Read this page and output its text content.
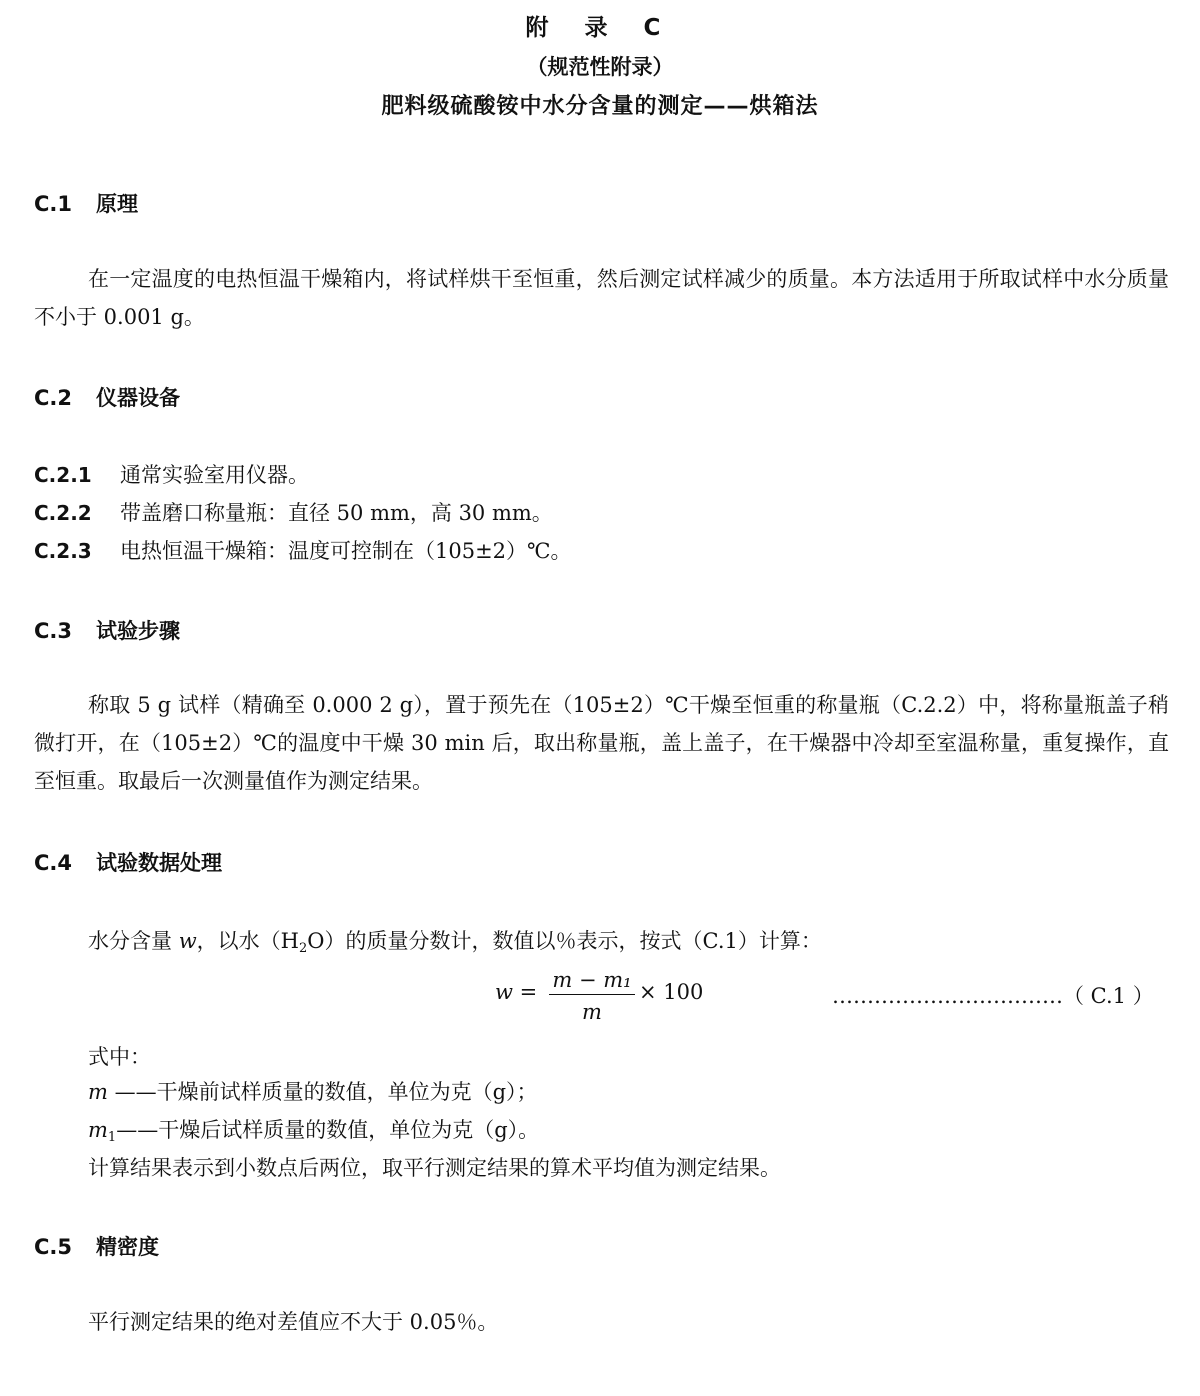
附 录 C
（规范性附录）
肥料级硫酸铵中水分含量的测定——烘箱法
C.1 原理
在一定温度的电热恒温干燥箱内，将试样烘干至恒重，然后测定试样减少的质量。本方法适用于所取试样中水分质量不小于 0.001 g。
C.2 仪器设备
C.2.1 通常实验室用仪器。
C.2.2 带盖磨口称量瓶：直径 50 mm，高 30 mm。
C.2.3 电热恒温干燥箱：温度可控制在（105±2）℃。
C.3 试验步骤
称取 5 g 试样（精确至 0.000 2 g），置于预先在（105±2）℃干燥至恒重的称量瓶（C.2.2）中，将称量瓶盖子稍微打开，在（105±2）℃的温度中干燥 30 min 后，取出称量瓶，盖上盖子，在干燥器中冷却至室温称量，重复操作，直至恒重。取最后一次测量值作为测定结果。
C.4 试验数据处理
水分含量 w，以水（H2O）的质量分数计，数值以％表示，按式（C.1）计算：
w = m − m₁
m
× 100	……………………………（ C.1 ）
式中：
m ——干燥前试样质量的数值，单位为克（g）；
m1——干燥后试样质量的数值，单位为克（g）。
计算结果表示到小数点后两位，取平行测定结果的算术平均值为测定结果。
C.5 精密度
平行测定结果的绝对差值应不大于 0.05％。
